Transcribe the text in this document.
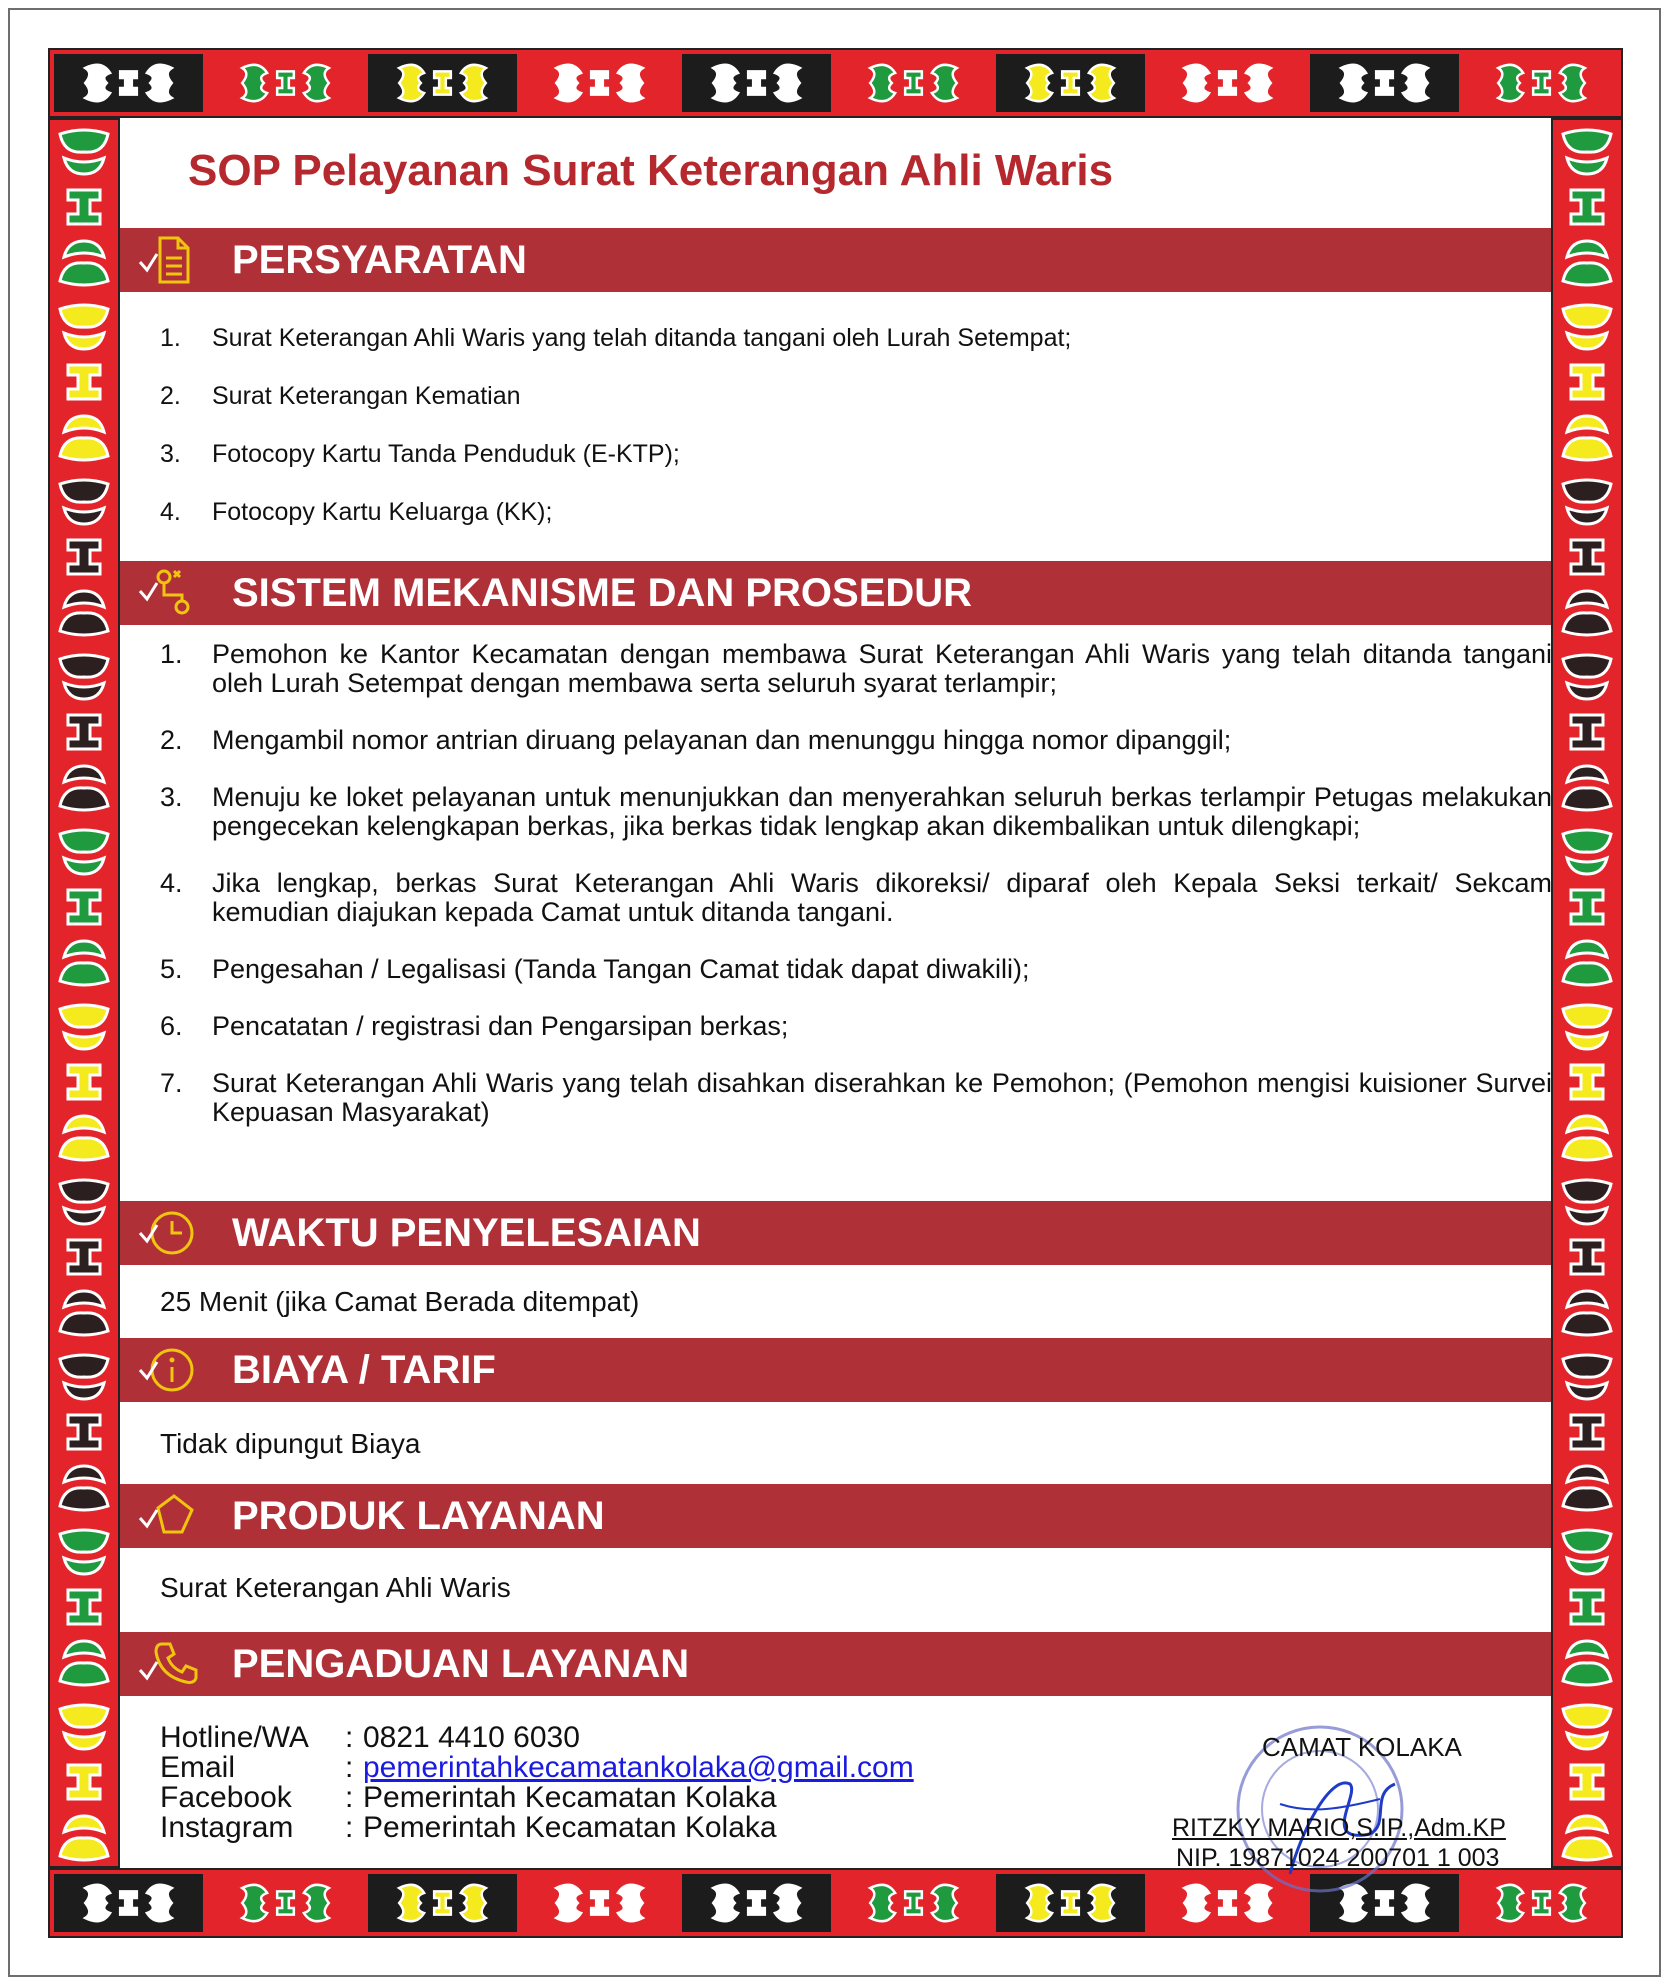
SOP Pelayanan Surat Keterangan Ahli Waris
PERSYARATAN
1. Surat Keterangan Ahli Waris yang telah ditanda tangani oleh Lurah Setempat;
2. Surat Keterangan Kematian
3. Fotocopy Kartu Tanda Penduduk (E-KTP);
4. Fotocopy Kartu Keluarga (KK);
SISTEM MEKANISME DAN PROSEDUR
1. Pemohon ke Kantor Kecamatan dengan membawa Surat Keterangan Ahli Waris yang telah ditanda tangani oleh Lurah Setempat dengan membawa serta seluruh syarat terlampir;
2. Mengambil nomor antrian diruang pelayanan dan menunggu hingga nomor dipanggil;
3. Menuju ke loket pelayanan untuk menunjukkan dan menyerahkan seluruh berkas terlampir Petugas melakukan pengecekan kelengkapan berkas, jika berkas tidak lengkap akan dikembalikan untuk dilengkapi;
4. Jika lengkap, berkas Surat Keterangan Ahli Waris dikoreksi/ diparaf oleh Kepala Seksi terkait/ Sekcam kemudian diajukan kepada Camat untuk ditanda tangani.
5. Pengesahan / Legalisasi (Tanda Tangan Camat tidak dapat diwakili);
6. Pencatatan / registrasi dan Pengarsipan berkas;
7. Surat Keterangan Ahli Waris yang telah disahkan diserahkan ke Pemohon; (Pemohon mengisi kuisioner Survei Kepuasan Masyarakat)
WAKTU PENYELESAIAN

25 Menit (jika Camat Berada ditempat)

BIAYA / TARIF

Tidak dipungut Biaya

PRODUK LAYANAN

Surat Keterangan Ahli Waris

PENGADUAN LAYANAN
Hotline/WA	: 0821 4410 6030
Email	: pemerintahkecamatankolaka@gmail.com
Facebook	: Pemerintah Kecamatan Kolaka
Instagram	: Pemerintah Kecamatan Kolaka

CAMAT KOLAKA

RITZKY MARIO,S.IP.,Adm.KP

NIP. 19871024 200701 1 003
